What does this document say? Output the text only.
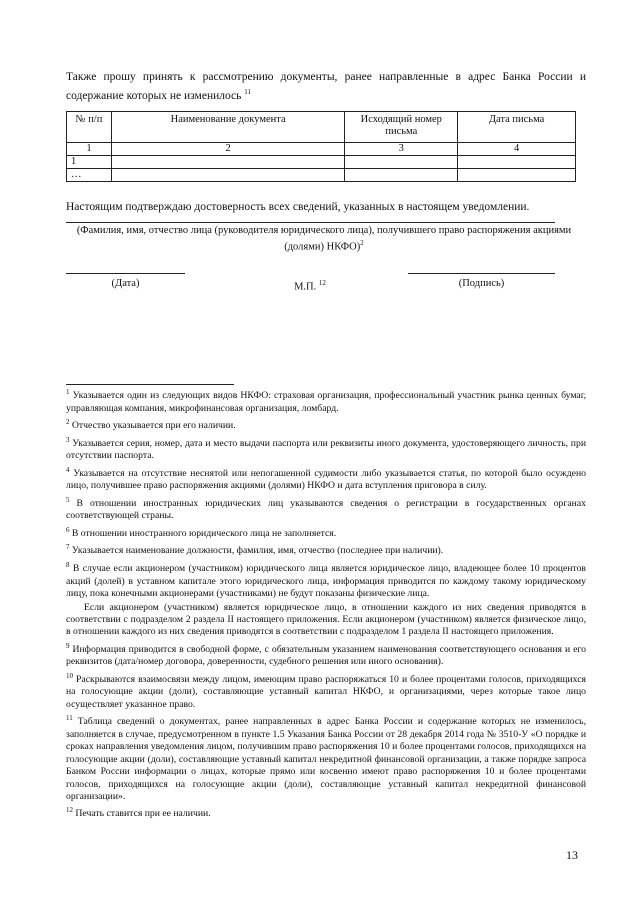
Также прошу принять к рассмотрению документы, ранее направленные в адрес Банка России и содержание которых не изменилось $^{11}$
№ п/п	Наименование документа	Исходящий номер письма	Дата письма
1	2	3	4
1			
…			
Настоящим подтверждаю достоверность всех сведений, указанных в настоящем уведомлении.
(Фамилия, имя, отчество лица (руководителя юридического лица), получившего право распоряжения акциями (долями) НКФО)$^2$
(Дата)	М.П. $^{12}$	(Подпись)

$^1$ Указывается один из следующих видов НКФО: страховая организация, профессиональный участник рынка ценных бумаг, управляющая компания, микрофинансовая организация, ломбард.

$^2$ Отчество указывается при его наличии.

$^3$ Указывается серия, номер, дата и место выдачи паспорта или реквизиты иного документа, удостоверяющего личность, при отсутствии паспорта.

$^4$ Указывается на отсутствие неснятой или непогашенной судимости либо указывается статья, по которой было осуждено лицо, получившее право распоряжения акциями (долями) НКФО и дата вступления приговора в силу.

$^5$ В отношении иностранных юридических лиц указываются сведения о регистрации в государственных органах соответствующей страны.

$^6$ В отношении иностранного юридического лица не заполняется.

$^7$ Указывается наименование должности, фамилия, имя, отчество (последнее при наличии).

$^8$ В случае если акционером (участником) юридического лица является юридическое лицо, владеющее более 10 процентов акций (долей) в уставном капитале этого юридического лица, информация приводится по каждому такому юридическому лицу, пока конечными акционерами (участниками) не будут показаны физические лица.

Если акционером (участником) является юридическое лицо, в отношении каждого из них сведения приводятся в соответствии с подразделом 2 раздела II настоящего приложения. Если акционером (участником) является физическое лицо, в отношении каждого из них сведения приводятся в соответствии с подразделом 1 раздела II настоящего приложения.

$^9$ Информация приводится в свободной форме, с обязательным указанием наименования соответствующего основания и его реквизитов (дата/номер договора, доверенности, судебного решения или иного основания).

$^{10}$ Раскрываются взаимосвязи между лицом, имеющим право распоряжаться 10 и более процентами голосов, приходящихся на голосующие акции (доли), составляющие уставный капитал НКФО, и организациями, через которые такое лицо осуществляет указанное право.

$^{11}$ Таблица сведений о документах, ранее направленных в адрес Банка России и содержание которых не изменилось, заполняется в случае, предусмотренном в пункте 1.5 Указания Банка России от 28 декабря 2014 года № 3510-У «О порядке и сроках направления уведомления лицом, получившим право распоряжения 10 и более процентами голосов, приходящихся на голосующие акции (доли), составляющие уставный капитал некредитной финансовой организации, а также порядке запроса Банком России информации о лицах, которые прямо или косвенно имеют право распоряжения 10 и более процентами голосов, приходящихся на голосующие акции (доли), составляющие уставный капитал некредитной финансовой организации».

$^{12}$ Печать ставится при ее наличии.

13
